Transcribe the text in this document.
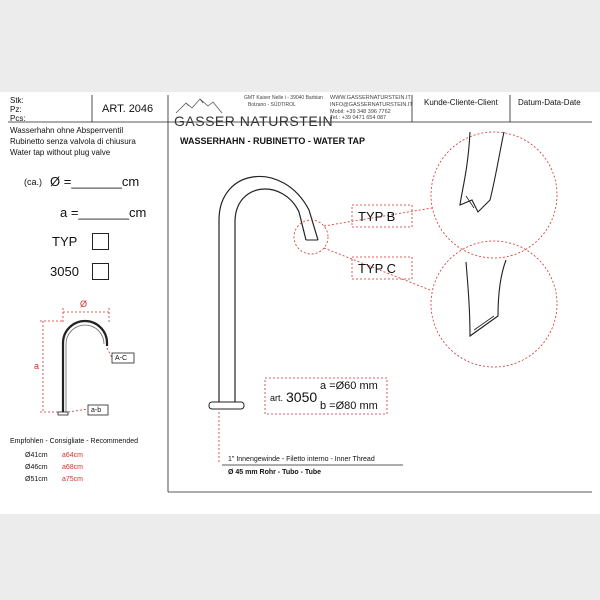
Stk:
Pz:
Pcs:
ART. 2046
GASSER NATURSTEIN
GMT Kaiser Nelle i - 39040 Barbian
Bolzano - SÜDTIROL
WWW.GASSERNATURSTEIN.IT
INFO@GASSERNATURSTEIN.IT
Mobil: +39 348 396 7762
Tel.: +39 0471 654 087
Kunde-Cliente-Client	Datum-Data-Date
Wasserhahn ohne Absperrventil
Rubinetto senza valvola di chiusura
Water tap without plug valve
WASSERHAHN - RUBINETTO - WATER TAP
(ca.) Ø =_______cm
a =_______cm
TYP
3050
Ø
a
A-C
a-b
Empfohlen - Consigliate - Recommended
Ø41cm a64cm
Ø46cm a68cm
Ø51cm a75cm
TYP B
TYP C
art. 3050
a =Ø60 mm
b =Ø80 mm
1" Innengewinde - Filetto interno - Inner Thread
Ø 45 mm Rohr - Tubo - Tube
